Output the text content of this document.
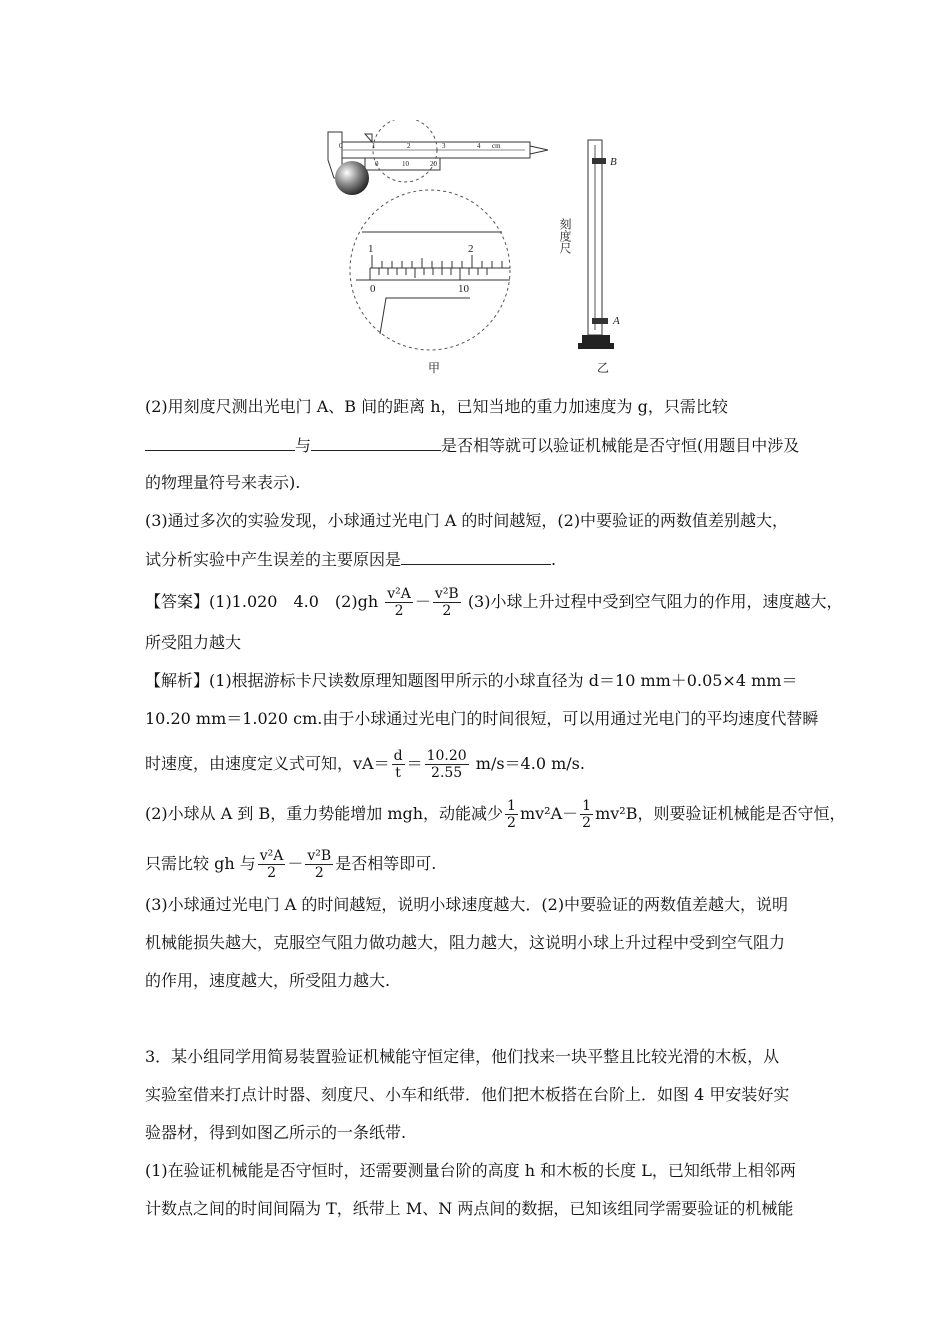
0	1	2	3	4 cm
0	10	20
1	2
0	10
B
A
刻度尺
甲	乙
(2)用刻度尺测出光电门 A、B 间的距离 h，已知当地的重力加速度为 g，只需比较
与	是否相等就可以验证机械能是否守恒(用题目中涉及
的物理量符号来表示).
(3)通过多次的实验发现，小球通过光电门 A 的时间越短，(2)中要验证的两数值差别越大，
试分析实验中产生误差的主要原因是	.
【答案】(1)1.020　4.0　$(2)gh \frac{\text{v²A}}{2} - \frac{\text{v²B}}{2} (3)$小球上升过程中受到空气阻力的作用，速度越大，
所受阻力越大
【解析】(1)根据游标卡尺读数原理知题图甲所示的小球直径为 d＝10 mm＋0.05×4 mm＝
10.20 mm＝1.020 cm.由于小球通过光电门的时间很短，可以用通过光电门的平均速度代替瞬
时速度，由速度定义式可知，$vA= \frac{d}{t} = \frac{10.20}{2.55} m/s=4.0$ m/s.
(2)小球从 A 到 B，重力势能增加 mgh，动能减少 $\frac{1}{2} mv^2A- \frac{1}{2} mv^2B$，则要验证机械能是否守恒，
只需比较 gh 与 $\frac{\text{v²A}}{2} - \frac{\text{v²B}}{2}$ 是否相等即可.
(3)小球通过光电门 A 的时间越短，说明小球速度越大．(2)中要验证的两数值差越大，说明
机械能损失越大，克服空气阻力做功越大，阻力越大，这说明小球上升过程中受到空气阻力
的作用，速度越大，所受阻力越大.
3．某小组同学用简易装置验证机械能守恒定律，他们找来一块平整且比较光滑的木板，从
实验室借来打点计时器、刻度尺、小车和纸带．他们把木板搭在台阶上．如图 4 甲安装好实
验器材，得到如图乙所示的一条纸带.
(1)在验证机械能是否守恒时，还需要测量台阶的高度 h 和木板的长度 L，已知纸带上相邻两
计数点之间的时间间隔为 T，纸带上 M、N 两点间的数据，已知该组同学需要验证的机械能
